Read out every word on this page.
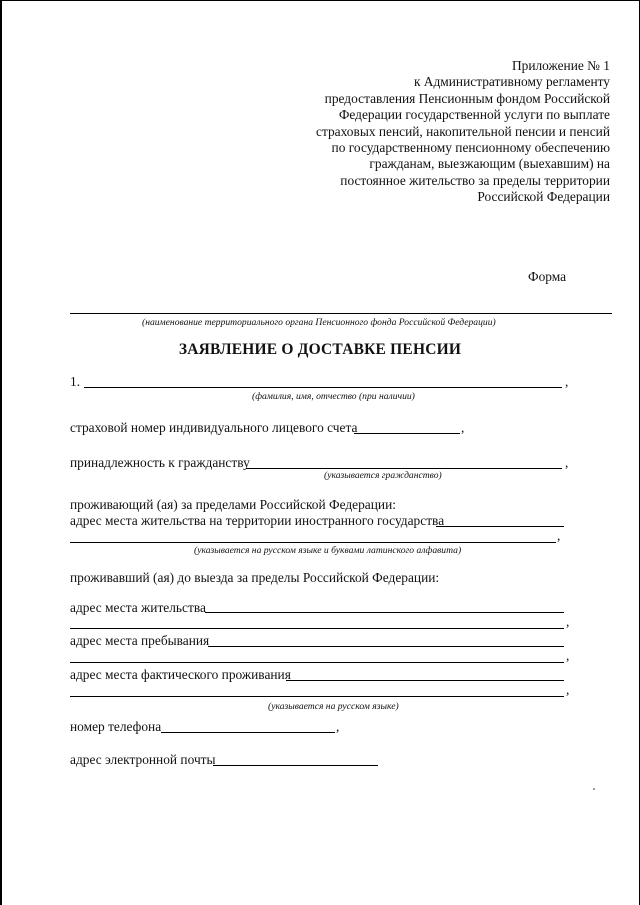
Приложение № 1
к Административному регламенту
предоставления Пенсионным фондом Российской
Федерации государственной услуги по выплате
страховых пенсий, накопительной пенсии и пенсий
по государственному пенсионному обеспечению
гражданам, выезжающим (выехавшим) на
постоянное жительство за пределы территории
Российской Федерации
Форма
(наименование территориального органа Пенсионного фонда Российской Федерации)
ЗАЯВЛЕНИЕ О ДОСТАВКЕ ПЕНСИИ
1.	,
(фамилия, имя, отчество (при наличии)
страховой номер индивидуального лицевого счета	,
принадлежность к гражданству	,
(указывается гражданство)
проживающий (ая) за пределами Российской Федерации:
адрес места жительства на территории иностранного государства
,
(указывается на русском языке и буквами латинского алфавита)
проживавший (ая) до выезда за пределы Российской Федерации:
адрес места жительства
,
адрес места пребывания
,
адрес места фактического проживания
,
(указывается на русском языке)
номер телефона	,
адрес электронной почты
